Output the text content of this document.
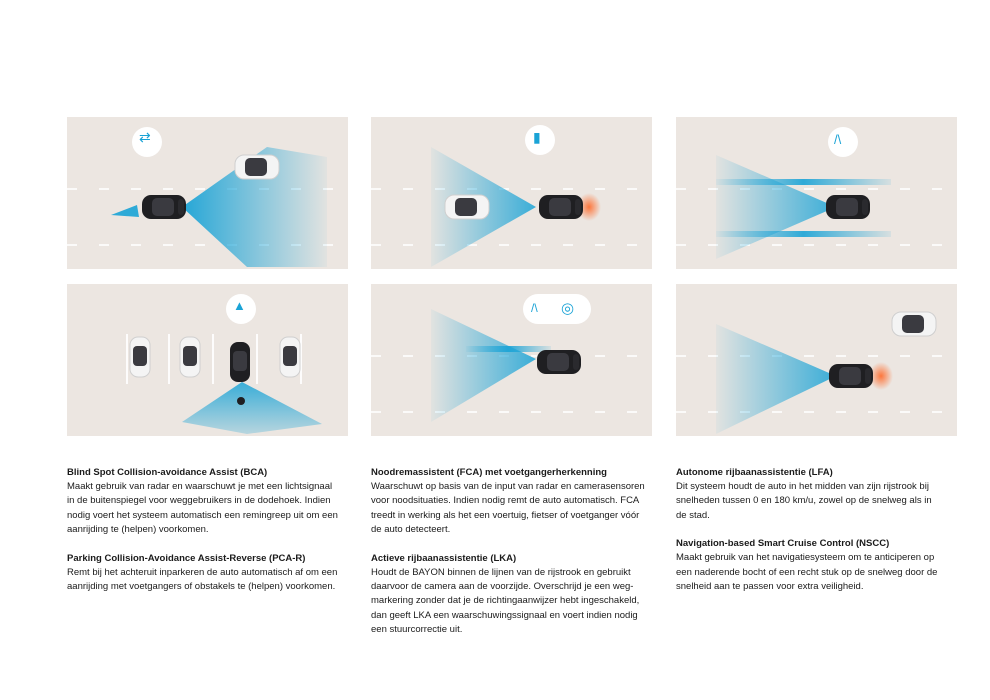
⇄	▮	/\
▲	/\ ◎
Blind Spot Collision-avoidance Assist (BCA)

Maakt gebruik van radar en waarschuwt je met een lichtsignaal
in de buitenspiegel voor weggebruikers in de dodehoek. Indien
nodig voert het systeem automatisch een remingreep uit om een
aanrijding te (helpen) voorkomen.

Parking Collision-Avoidance Assist-Reverse (PCA-R)

Remt bij het achteruit inparkeren de auto automatisch af om een
aanrijding met voetgangers of obstakels te (helpen) voorkomen.

Noodremassistent (FCA) met voetgangerherkenning

Waarschuwt op basis van de input van radar en camerasensoren
voor noodsituaties. Indien nodig remt de auto automatisch. FCA
treedt in werking als het een voertuig, fietser of voetganger vóór
de auto detecteert.

Actieve rijbaanassistentie (LKA)

Houdt de BAYON binnen de lijnen van de rijstrook en gebruikt
daarvoor de camera aan de voorzijde. Overschrijd je een weg-
markering zonder dat je de richtingaanwijzer hebt ingeschakeld,
dan geeft LKA een waarschuwingssignaal en voert indien nodig
een stuurcorrectie uit.

Autonome rijbaanassistentie (LFA)

Dit systeem houdt de auto in het midden van zijn rijstrook bij
snelheden tussen 0 en 180 km/u, zowel op de snelweg als in
de stad.

Navigation-based Smart Cruise Control (NSCC)

Maakt gebruik van het navigatiesysteem om te anticiperen op
een naderende bocht of een recht stuk op de snelweg door de
snelheid aan te passen voor extra veiligheid.
